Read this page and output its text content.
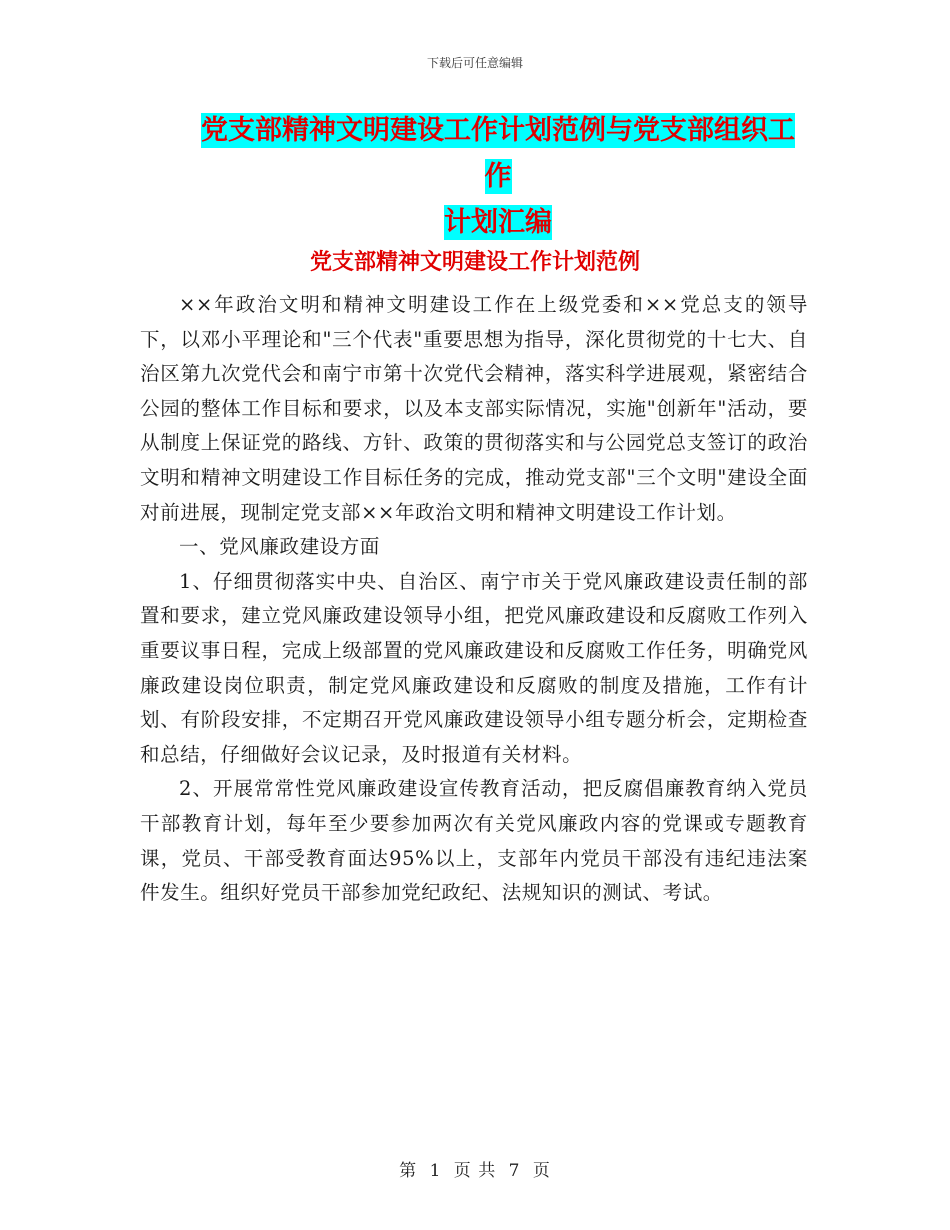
下载后可任意编辑
党支部精神文明建设工作计划范例与党支部组织工作
计划汇编
党支部精神文明建设工作计划范例

××年政治文明和精神文明建设工作在上级党委和××党总支的领导下，以邓小平理论和"三个代表"重要思想为指导，深化贯彻党的十七大、自治区第九次党代会和南宁市第十次党代会精神，落实科学进展观，紧密结合公园的整体工作目标和要求，以及本支部实际情况，实施"创新年"活动，要从制度上保证党的路线、方针、政策的贯彻落实和与公园党总支签订的政治文明和精神文明建设工作目标任务的完成，推动党支部"三个文明"建设全面对前进展，现制定党支部××年政治文明和精神文明建设工作计划。

一、党风廉政建设方面

1、仔细贯彻落实中央、自治区、南宁市关于党风廉政建设责任制的部置和要求，建立党风廉政建设领导小组，把党风廉政建设和反腐败工作列入重要议事日程，完成上级部置的党风廉政建设和反腐败工作任务，明确党风廉政建设岗位职责，制定党风廉政建设和反腐败的制度及措施，工作有计划、有阶段安排，不定期召开党风廉政建设领导小组专题分析会，定期检查和总结，仔细做好会议记录，及时报道有关材料。

2、开展常常性党风廉政建设宣传教育活动，把反腐倡廉教育纳入党员干部教育计划，每年至少要参加两次有关党风廉政内容的党课或专题教育课，党员、干部受教育面达95%以上，支部年内党员干部没有违纪违法案件发生。组织好党员干部参加党纪政纪、法规知识的测试、考试。

第 1 页 共 7 页
